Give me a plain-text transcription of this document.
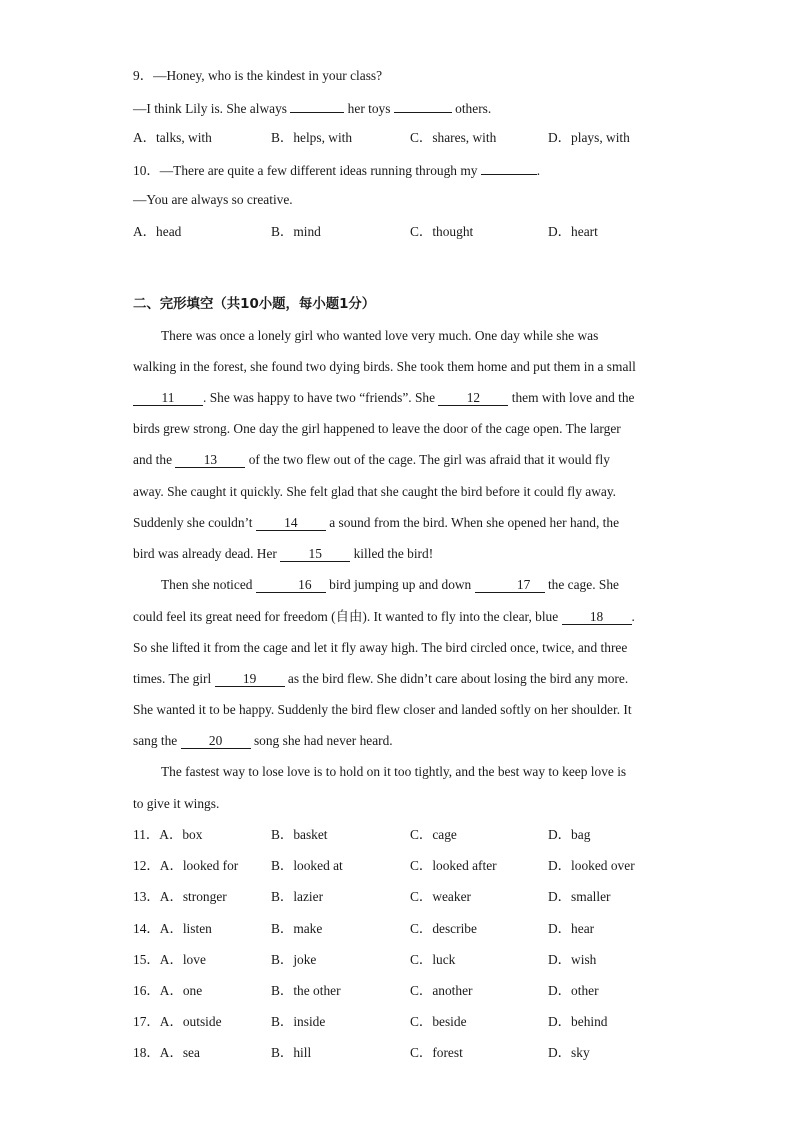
9．—Honey, who is the kindest in your class?
—I think Lily is. She always	her toys	others.
A．talks, with	B．helps, with	C．shares, with	D．plays, with
10．—There are quite a few different ideas running through my	.
—You are always so creative.
A．head	B．mind	C．thought	D．heart
二、完形填空（共10小题，每小题1分）
There was once a lonely girl who wanted love very much. One day while she was
walking in the forest, she found two dying birds. She took them home and put them in a small
11 . She was happy to have two “friends”. She 12 them with love and the
birds grew strong. One day the girl happened to leave the door of the cage open. The larger
and the 13 of the two flew out of the cage. The girl was afraid that it would fly
away. She caught it quickly. She felt glad that she caught the bird before it could fly away.
Suddenly she couldn’t 14 a sound from the bird. When she opened her hand, the
bird was already dead. Her 15 killed the bird!
Then she noticed	16 bird jumping up and down	17 the cage. She
could feel its great need for freedom (自由). It wanted to fly into the clear, blue 18 .
So she lifted it from the cage and let it fly away high. The bird circled once, twice, and three
times. The girl 19 as the bird flew. She didn’t care about losing the bird any more.
She wanted it to be happy. Suddenly the bird flew closer and landed softly on her shoulder. It
sang the 20 song she had never heard.
The fastest way to lose love is to hold on it too tightly, and the best way to keep love is
to give it wings.
11．A．box	B．basket	C．cage	D．bag
12．A．looked for B．looked at	C．looked after	D．looked over
13．A．stronger	B．lazier	C．weaker	D．smaller
14．A．listen	B．make	C．describe	D．hear
15．A．love	B．joke	C．luck	D．wish
16．A．one	B．the other	C．another	D．other
17．A．outside	B．inside	C．beside	D．behind
18．A．sea	B．hill	C．forest	D．sky
